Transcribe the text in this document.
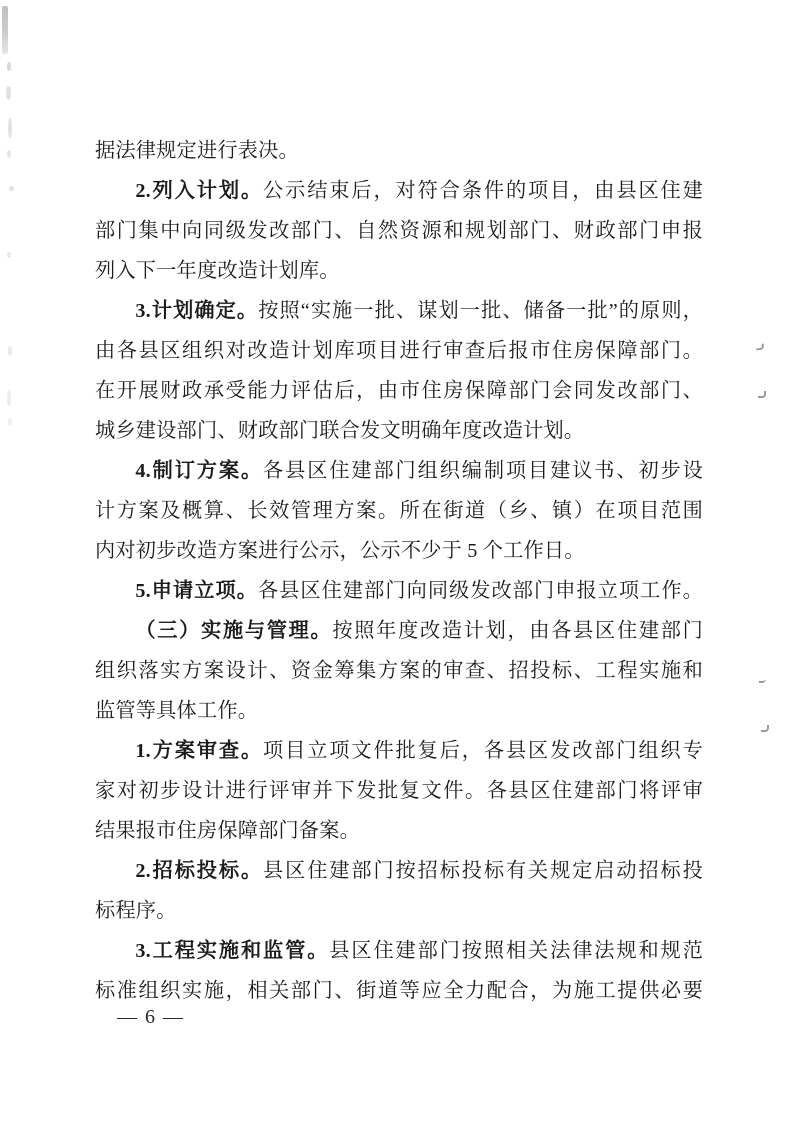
据法律规定进行表决。
2.列入计划。公示结束后，对符合条件的项目，由县区住建
部门集中向同级发改部门、自然资源和规划部门、财政部门申报
列入下一年度改造计划库。
3.计划确定。按照“实施一批、谋划一批、储备一批”的原则，
由各县区组织对改造计划库项目进行审查后报市住房保障部门。
在开展财政承受能力评估后，由市住房保障部门会同发改部门、
城乡建设部门、财政部门联合发文明确年度改造计划。
4.制订方案。各县区住建部门组织编制项目建议书、初步设
计方案及概算、长效管理方案。所在街道（乡、镇）在项目范围
内对初步改造方案进行公示，公示不少于 5 个工作日。
5.申请立项。各县区住建部门向同级发改部门申报立项工作。
（三）实施与管理。按照年度改造计划，由各县区住建部门
组织落实方案设计、资金筹集方案的审查、招投标、工程实施和
监管等具体工作。
1.方案审查。项目立项文件批复后，各县区发改部门组织专
家对初步设计进行评审并下发批复文件。各县区住建部门将评审
结果报市住房保障部门备案。
2.招标投标。县区住建部门按招标投标有关规定启动招标投
标程序。
3.工程实施和监管。县区住建部门按照相关法律法规和规范
标准组织实施，相关部门、街道等应全力配合，为施工提供必要
— 6 —
